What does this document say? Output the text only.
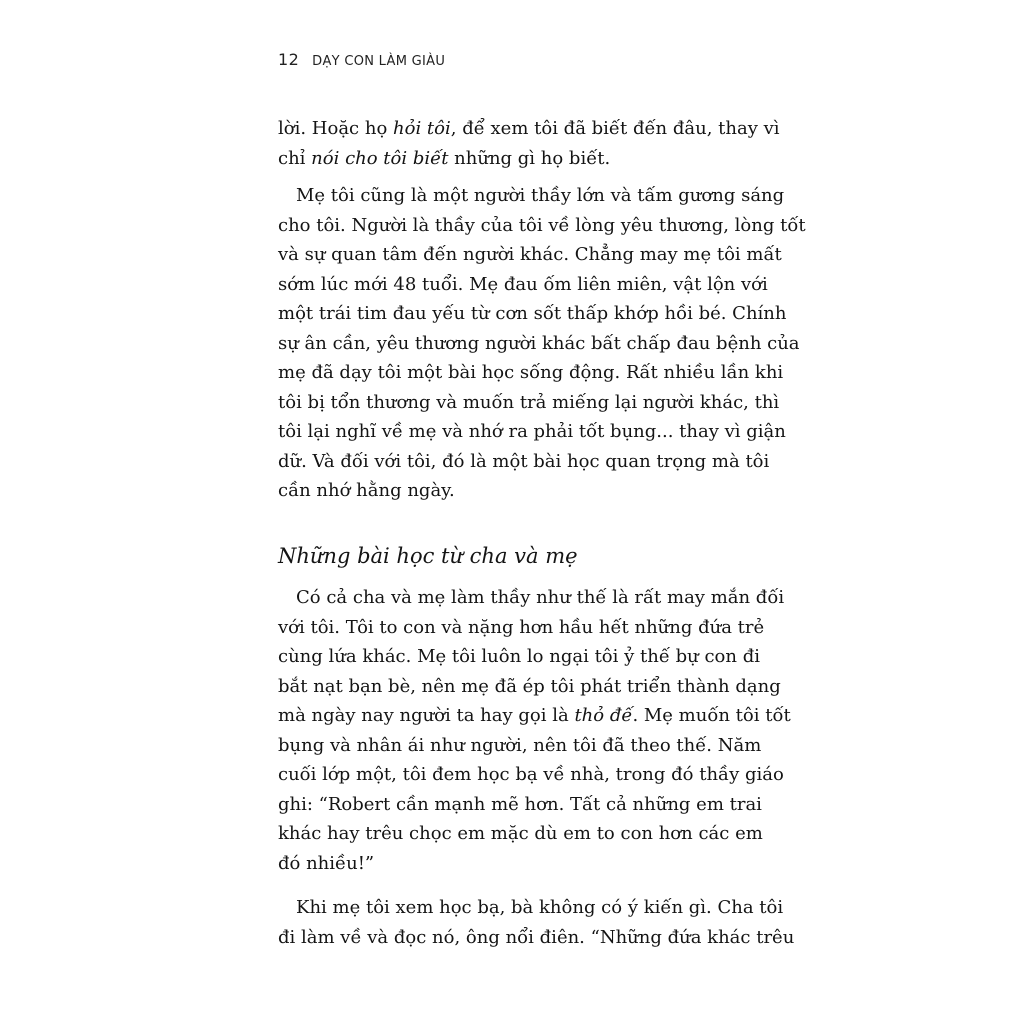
12 DẠY CON LÀM GIÀU
lời. Hoặc họ hỏi tôi, để xem tôi đã biết đến đâu, thay vì
chỉ nói cho tôi biết những gì họ biết.
Mẹ tôi cũng là một người thầy lớn và tấm gương sáng
cho tôi. Người là thầy của tôi về lòng yêu thương, lòng tốt
và sự quan tâm đến người khác. Chẳng may mẹ tôi mất
sớm lúc mới 48 tuổi. Mẹ đau ốm liên miên, vật lộn với
một trái tim đau yếu từ cơn sốt thấp khớp hồi bé. Chính
sự ân cần, yêu thương người khác bất chấp đau bệnh của
mẹ đã dạy tôi một bài học sống động. Rất nhiều lần khi
tôi bị tổn thương và muốn trả miếng lại người khác, thì
tôi lại nghĩ về mẹ và nhớ ra phải tốt bụng... thay vì giận
dữ. Và đối với tôi, đó là một bài học quan trọng mà tôi
cần nhớ hằng ngày.
Những bài học từ cha và mẹ
Có cả cha và mẹ làm thầy như thế là rất may mắn đối
với tôi. Tôi to con và nặng hơn hầu hết những đứa trẻ
cùng lứa khác. Mẹ tôi luôn lo ngại tôi ỷ thế bự con đi
bắt nạt bạn bè, nên mẹ đã ép tôi phát triển thành dạng
mà ngày nay người ta hay gọi là thỏ đế. Mẹ muốn tôi tốt
bụng và nhân ái như người, nên tôi đã theo thế. Năm
cuối lớp một, tôi đem học bạ về nhà, trong đó thầy giáo
ghi: “Robert cần mạnh mẽ hơn. Tất cả những em trai
khác hay trêu chọc em mặc dù em to con hơn các em
đó nhiều!”
Khi mẹ tôi xem học bạ, bà không có ý kiến gì. Cha tôi
đi làm về và đọc nó, ông nổi điên. “Những đứa khác trêu
